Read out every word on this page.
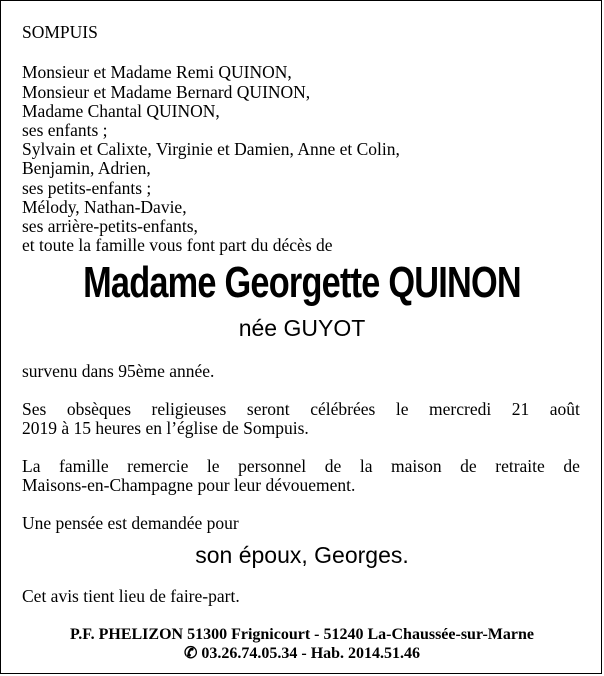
SOMPUIS
Monsieur et Madame Remi QUINON,
Monsieur et Madame Bernard QUINON,
Madame Chantal QUINON,
ses enfants ;
Sylvain et Calixte, Virginie et Damien, Anne et Colin,
Benjamin, Adrien,
ses petits-enfants ;
Mélody, Nathan-Davie,
ses arrière-petits-enfants,
et toute la famille vous font part du décès de
Madame Georgette QUINON
née GUYOT
survenu dans 95ème année.
Ses obsèques religieuses seront célébrées le mercredi 21 août
2019 à 15 heures en l’église de Sompuis.
La famille remercie le personnel de la maison de retraite de
Maisons-en-Champagne pour leur dévouement.
Une pensée est demandée pour
son époux, Georges.
Cet avis tient lieu de faire-part.
P.F. PHELIZON 51300 Frignicourt - 51240 La-Chaussée-sur-Marne
✆ 03.26.74.05.34 - Hab. 2014.51.46
